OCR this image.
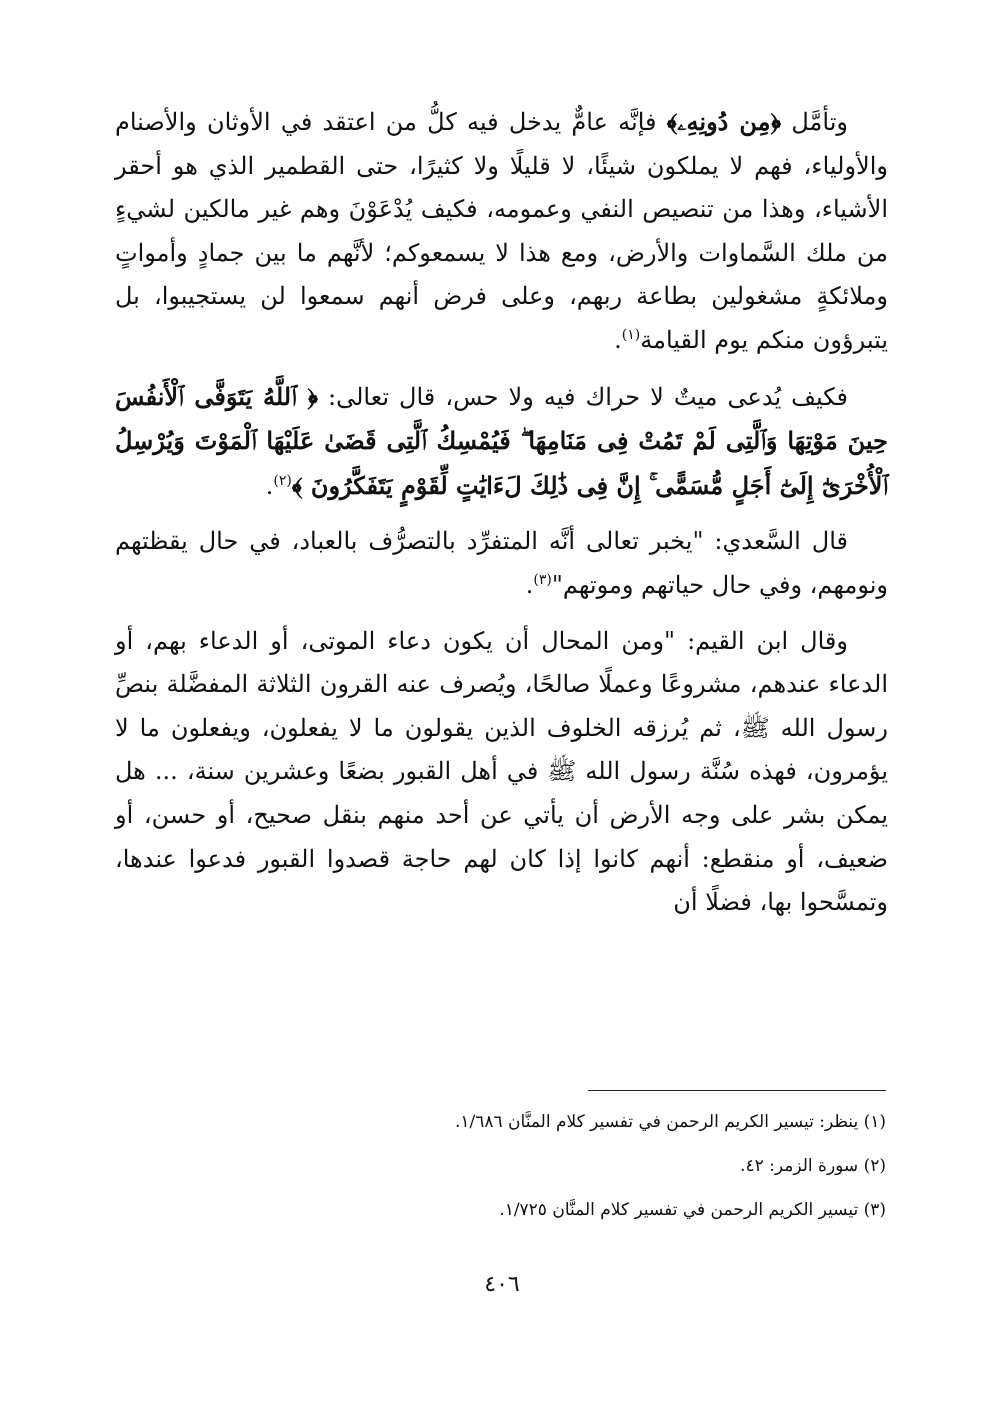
وتأمَّل ﴿مِن دُونِهِۦ﴾ فإنَّه عامٌّ يدخل فيه كلُّ من اعتقد في الأوثان والأصنام والأولياء، فهم لا يملكون شيئًا، لا قليلًا ولا كثيرًا، حتى القطمير الذي هو أحقر الأشياء، وهذا من تنصيص النفي وعمومه، فكيف يُدْعَوْنَ وهم غير مالكين لشيءٍ من ملك السَّماوات والأرض، ومع هذا لا يسمعوكم؛ لأنَّهم ما بين جمادٍ وأمواتٍ وملائكةٍ مشغولين بطاعة ربهم، وعلى فرض أنهم سمعوا لن يستجيبوا، بل يتبرؤون منكم يوم القيامة$^{(١)}$.

فكيف يُدعى ميتٌ لا حراك فيه ولا حس، قال تعالى: ﴿ ٱللَّهُ يَتَوَفَّى ٱلْأَنفُسَ حِينَ مَوْتِهَا وَٱلَّتِى لَمْ تَمُتْ فِى مَنَامِهَا ۖ فَيُمْسِكُ ٱلَّتِى قَضَىٰ عَلَيْهَا ٱلْمَوْتَ وَيُرْسِلُ ٱلْأُخْرَىٰٓ إِلَىٰٓ أَجَلٍ مُّسَمًّى ۚ إِنَّ فِى ذَٰلِكَ لَءَايَٰتٍ لِّقَوْمٍ يَتَفَكَّرُونَ ﴾$^{(٢)}$.

قال السَّعدي: "يخبر تعالى أنَّه المتفرِّد بالتصرُّف بالعباد، في حال يقظتهم ونومهم، وفي حال حياتهم وموتهم"$^{(٣)}$.

وقال ابن القيم: "ومن المحال أن يكون دعاء الموتى، أو الدعاء بهم، أو الدعاء عندهم، مشروعًا وعملًا صالحًا، ويُصرف عنه القرون الثلاثة المفضَّلة بنصِّ رسول الله ﷺ، ثم يُرزقه الخلوف الذين يقولون ما لا يفعلون، ويفعلون ما لا يؤمرون، فهذه سُنَّة رسول الله ﷺ في أهل القبور بضعًا وعشرين سنة، ... هل يمكن بشر على وجه الأرض أن يأتي عن أحد منهم بنقل صحيح، أو حسن، أو ضعيف، أو منقطع: أنهم كانوا إذا كان لهم حاجة قصدوا القبور فدعوا عندها، وتمسَّحوا بها، فضلًا أن

(١) ينظر: تيسير الكريم الرحمن في تفسير كلام المنَّان ١/٦٨٦.

(٢) سورة الزمر: ٤٢.

(٣) تيسير الكريم الرحمن في تفسير كلام المنَّان ١/٧٢٥.

٤٠٦
